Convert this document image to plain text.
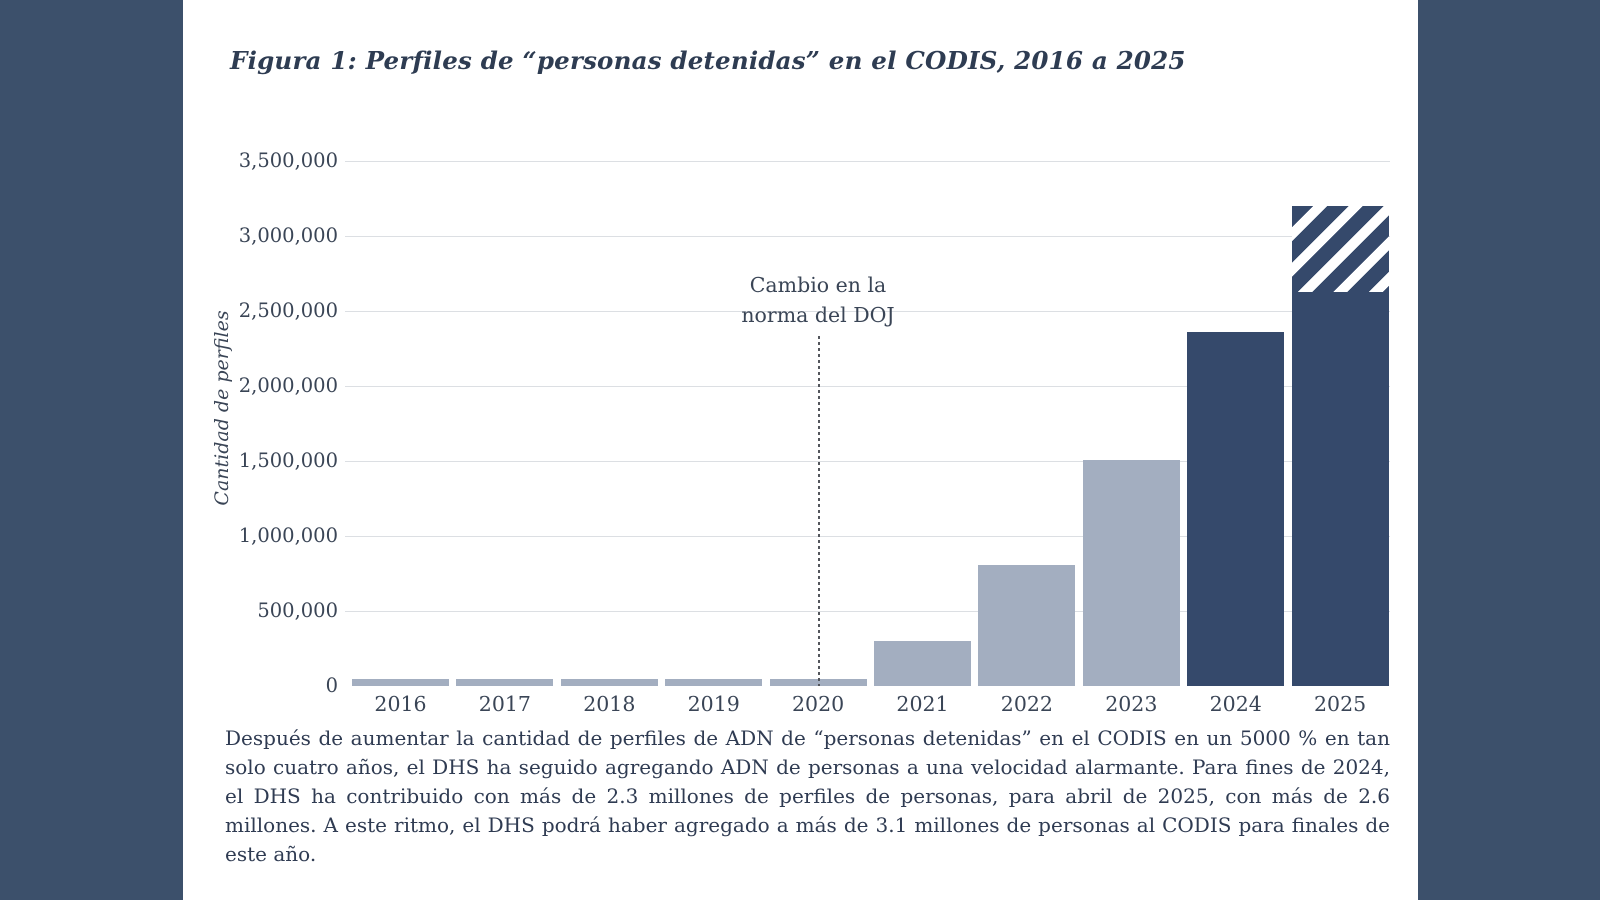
Figura 1: Perfiles de “personas detenidas” en el CODIS, 2016 a 2025
Cantidad de perfiles
0
500,000
1,000,000
1,500,000
2,000,000
2,500,000
3,000,000
3,500,000
2016	2017	2018	2019	2020	2021	2022	2023	2024	2025
Cambio en la
norma del DOJ

Después de aumentar la cantidad de perfiles de ADN de “personas detenidas” en el CODIS en un 5000 % en tan solo cuatro años, el DHS ha seguido agregando ADN de personas a una velocidad alarmante. Para fines de 2024, el DHS ha contribuido con más de 2.3 millones de perfiles de personas, para abril de 2025, con más de 2.6 millones. A este ritmo, el DHS podrá haber agregado a más de 3.1 millones de personas al CODIS para finales de este año.
